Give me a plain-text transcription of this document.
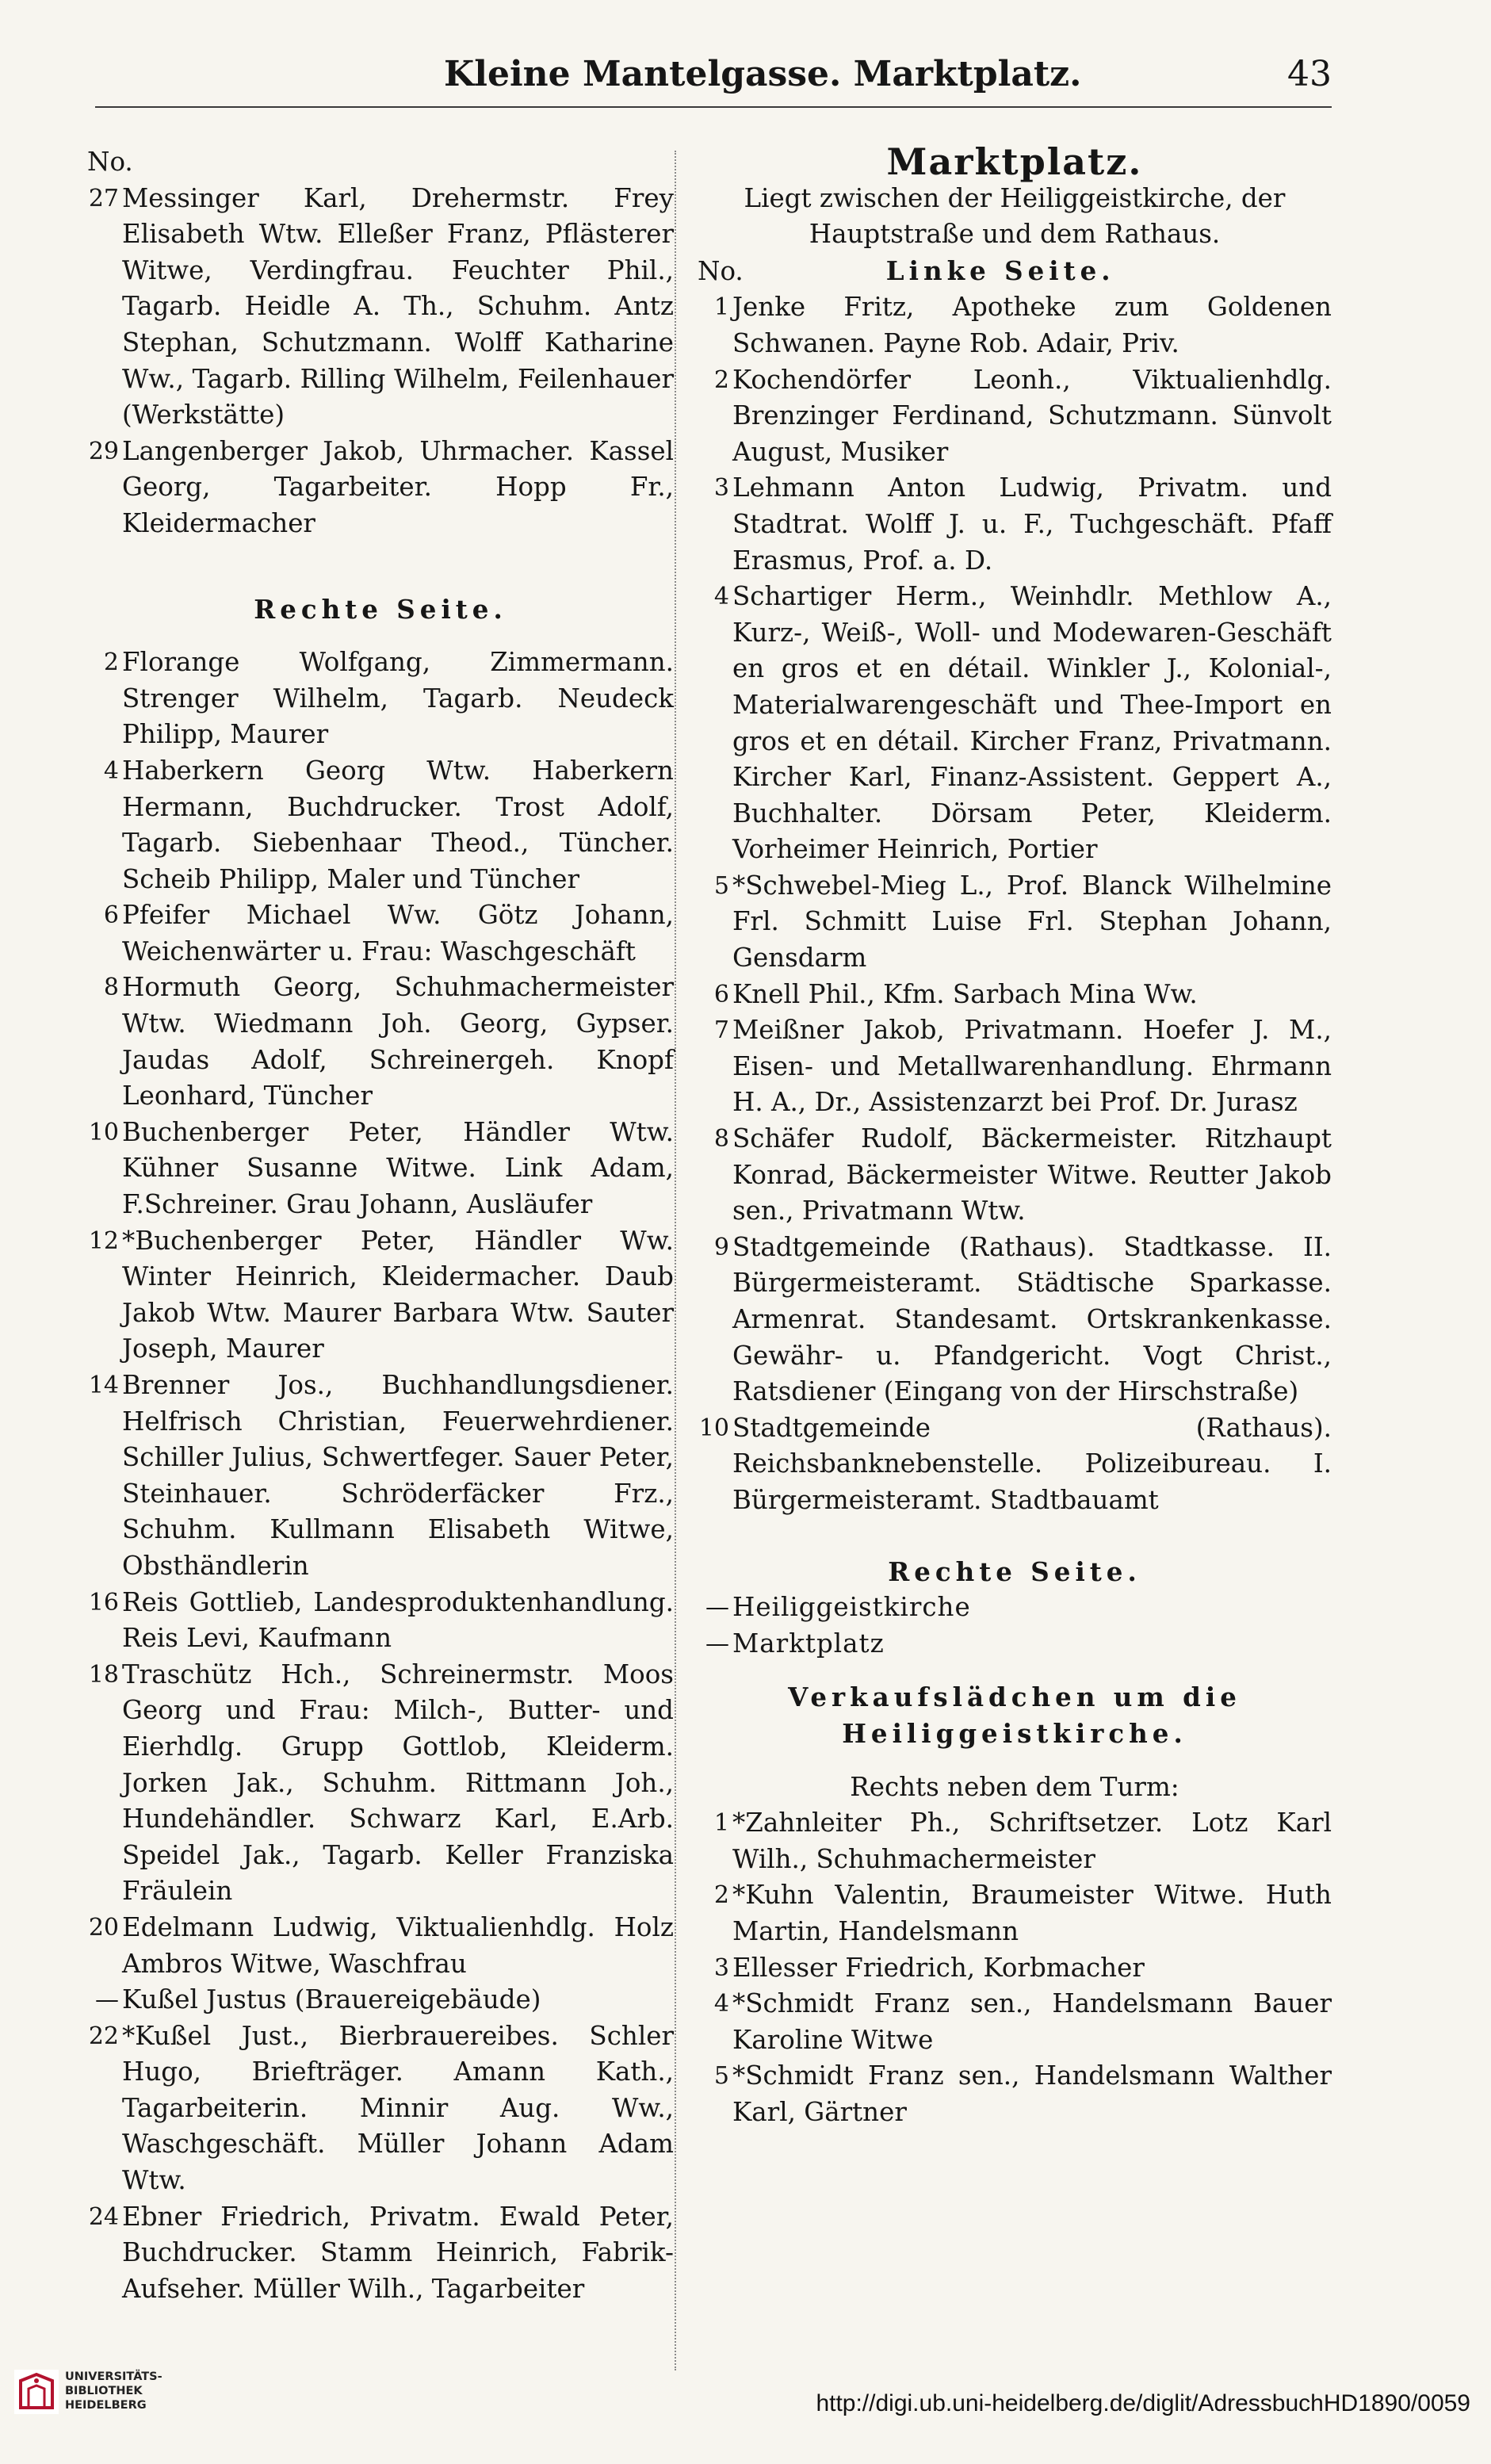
Kleine Mantelgasse. Marktplatz.	43

No.

27 Messinger Karl, Drehermstr. Frey Elisabeth Wtw. Elleßer Franz, Pflästerer Witwe, Verdingfrau. Feuchter Phil., Tagarb. Heidle A. Th., Schuhm. Antz Stephan, Schutzmann. Wolff Katharine Ww., Tagarb. Rilling Wilhelm, Feilenhauer (Werkstätte)

29 Langenberger Jakob, Uhrmacher. Kassel Georg, Tagarbeiter. Hopp Fr., Kleidermacher

Rechte Seite.

2 Florange Wolfgang, Zimmermann. Strenger Wilhelm, Tagarb. Neudeck Philipp, Maurer

4 Haberkern Georg Wtw. Haberkern Hermann, Buchdrucker. Trost Adolf, Tagarb. Siebenhaar Theod., Tüncher. Scheib Philipp, Maler und Tüncher

6 Pfeifer Michael Ww. Götz Johann, Weichenwärter u. Frau: Waschgeschäft

8 Hormuth Georg, Schuhmachermeister Wtw. Wiedmann Joh. Georg, Gypser. Jaudas Adolf, Schreinergeh. Knopf Leonhard, Tüncher

10 Buchenberger Peter, Händler Wtw. Kühner Susanne Witwe. Link Adam, F.Schreiner. Grau Johann, Ausläufer

12 *Buchenberger Peter, Händler Ww. Winter Heinrich, Kleidermacher. Daub Jakob Wtw. Maurer Barbara Wtw. Sauter Joseph, Maurer

14 Brenner Jos., Buchhandlungsdiener. Helfrisch Christian, Feuerwehrdiener. Schiller Julius, Schwertfeger. Sauer Peter, Steinhauer. Schröderfäcker Frz., Schuhm. Kullmann Elisabeth Witwe, Obsthändlerin

16 Reis Gottlieb, Landesproduktenhandlung. Reis Levi, Kaufmann

18 Traschütz Hch., Schreinermstr. Moos Georg und Frau: Milch-, Butter- und Eierhdlg. Grupp Gottlob, Kleiderm. Jorken Jak., Schuhm. Rittmann Joh., Hundehändler. Schwarz Karl, E.Arb. Speidel Jak., Tagarb. Keller Franziska Fräulein

20 Edelmann Ludwig, Viktualienhdlg. Holz Ambros Witwe, Waschfrau

— Kußel Justus (Brauereigebäude)

22 *Kußel Just., Bierbrauereibes. Schler Hugo, Briefträger. Amann Kath., Tagarbeiterin. Minnir Aug. Ww., Waschgeschäft. Müller Johann Adam Wtw.

24 Ebner Friedrich, Privatm. Ewald Peter, Buchdrucker. Stamm Heinrich, Fabrik-Aufseher. Müller Wilh., Tagarbeiter

Marktplatz.

Liegt zwischen der Heiliggeistkirche, der Hauptstraße und dem Rathaus.

No.	Linke Seite.

1 Jenke Fritz, Apotheke zum Goldenen Schwanen. Payne Rob. Adair, Priv.

2 Kochendörfer Leonh., Viktualienhdlg. Brenzinger Ferdinand, Schutzmann. Sünvolt August, Musiker

3 Lehmann Anton Ludwig, Privatm. und Stadtrat. Wolff J. u. F., Tuchgeschäft. Pfaff Erasmus, Prof. a. D.

4 Schartiger Herm., Weinhdlr. Methlow A., Kurz-, Weiß-, Woll- und Modewaren-Geschäft en gros et en détail. Winkler J., Kolonial-, Materialwarengeschäft und Thee-Import en gros et en détail. Kircher Franz, Privatmann. Kircher Karl, Finanz-Assistent. Geppert A., Buchhalter. Dörsam Peter, Kleiderm. Vorheimer Heinrich, Portier

5 *Schwebel-Mieg L., Prof. Blanck Wilhelmine Frl. Schmitt Luise Frl. Stephan Johann, Gensdarm

6 Knell Phil., Kfm. Sarbach Mina Ww.

7 Meißner Jakob, Privatmann. Hoefer J. M., Eisen- und Metallwarenhandlung. Ehrmann H. A., Dr., Assistenzarzt bei Prof. Dr. Jurasz

8 Schäfer Rudolf, Bäckermeister. Ritzhaupt Konrad, Bäckermeister Witwe. Reutter Jakob sen., Privatmann Wtw.

9 Stadtgemeinde (Rathaus). Stadtkasse. II. Bürgermeisteramt. Städtische Sparkasse. Armenrat. Standesamt. Ortskrankenkasse. Gewähr- u. Pfandgericht. Vogt Christ., Ratsdiener (Eingang von der Hirschstraße)

10 Stadtgemeinde (Rathaus). Reichsbanknebenstelle. Polizeibureau. I. Bürgermeisteramt. Stadtbauamt

Rechte Seite.

— Heiliggeistkirche

— Marktplatz

Verkaufslädchen um die Heiliggeistkirche.

Rechts neben dem Turm:

1 *Zahnleiter Ph., Schriftsetzer. Lotz Karl Wilh., Schuhmachermeister

2 *Kuhn Valentin, Braumeister Witwe. Huth Martin, Handelsmann

3 Ellesser Friedrich, Korbmacher

4 *Schmidt Franz sen., Handelsmann Bauer Karoline Witwe

5 *Schmidt Franz sen., Handelsmann Walther Karl, Gärtner

UNIVERSITÄTS-
BIBLIOTHEK
HEIDELBERG	http://digi.ub.uni-heidelberg.de/diglit/AdressbuchHD1890/0059
